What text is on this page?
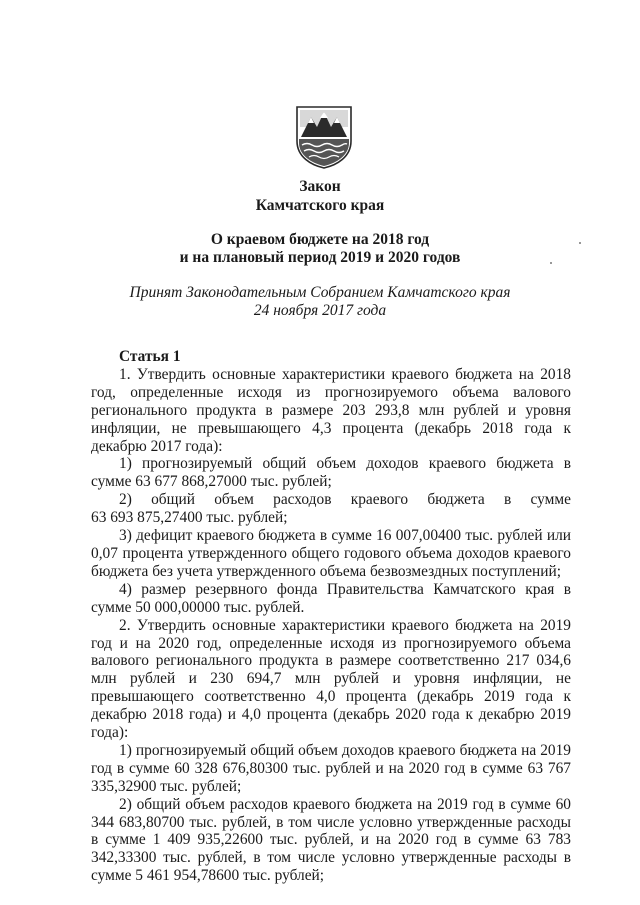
Закон
Камчатского края
О краевом бюджете на 2018 год
и на плановый период 2019 и 2020 годов
Принят Законодательным Собранием Камчатского края
24 ноября 2017 года

Статья 1

1. Утвердить основные характеристики краевого бюджета на 2018 год, определенные исходя из прогнозируемого объема валового регионального продукта в размере 203 293,8 млн рублей и уровня инфляции, не превышающего 4,3 процента (декабрь 2018 года к декабрю 2017 года):

1) прогнозируемый общий объем доходов краевого бюджета в сумме 63 677 868,27000 тыс. рублей;

2) общий объем расходов краевого бюджета в сумме

63 693 875,27400 тыс. рублей;

3) дефицит краевого бюджета в сумме 16 007,00400 тыс. рублей или 0,07 процента утвержденного общего годового объема доходов краевого бюджета без учета утвержденного объема безвозмездных поступлений;

4) размер резервного фонда Правительства Камчатского края в сумме 50 000,00000 тыс. рублей.

2. Утвердить основные характеристики краевого бюджета на 2019 год и на 2020 год, определенные исходя из прогнозируемого объема валового регионального продукта в размере соответственно 217 034,6 млн рублей и 230 694,7 млн рублей и уровня инфляции, не превышающего соответственно 4,0 процента (декабрь 2019 года к декабрю 2018 года) и 4,0 процента (декабрь 2020 года к декабрю 2019 года):

1) прогнозируемый общий объем доходов краевого бюджета на 2019 год в сумме 60 328 676,80300 тыс. рублей и на 2020 год в сумме 63 767 335,32900 тыс. рублей;

2) общий объем расходов краевого бюджета на 2019 год в сумме 60 344 683,80700 тыс. рублей, в том числе условно утвержденные расходы в сумме 1 409 935,22600 тыс. рублей, и на 2020 год в сумме 63 783 342,33300 тыс. рублей, в том числе условно утвержденные расходы в сумме 5 461 954,78600 тыс. рублей;
